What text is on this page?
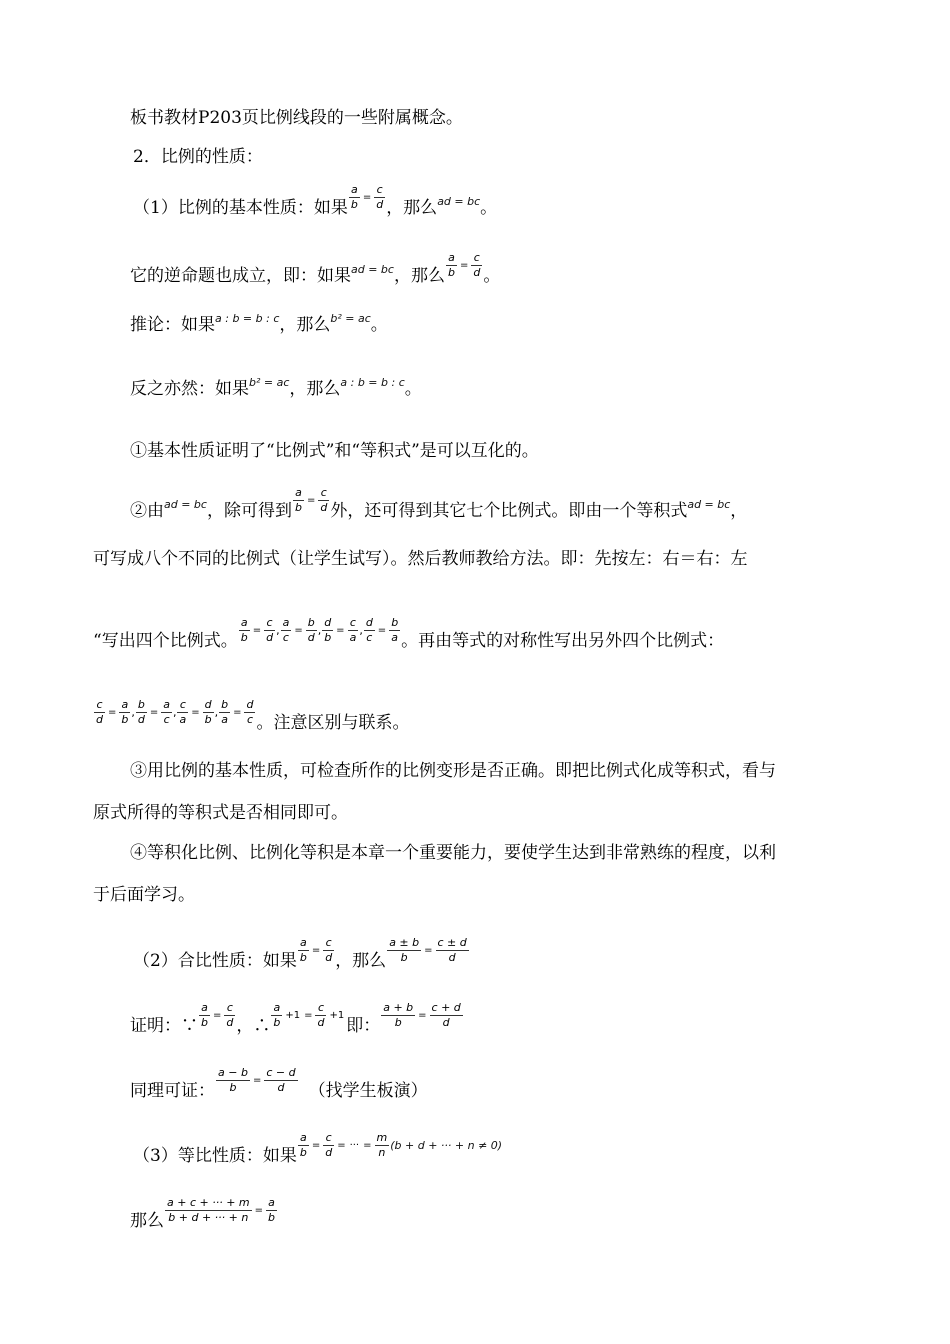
板书教材P203页比例线段的一些附属概念。
2．比例的性质：
（1）比例的基本性质：如果 $\frac{a}{b} = \frac{c}{d}$ ，那么 ad = bc 。
它的逆命题也成立，即：如果 ad = bc ，那么 $\frac{a}{b} = \frac{c}{d}$ 。
推论：如果 a : b = b : c ，那么 b² = ac 。
反之亦然：如果 b² = ac ，那么 a : b = b : c 。
①基本性质证明了“比例式”和“等积式”是可以互化的。
②由 ad = bc ，除可得到 $\frac{a}{b} = \frac{c}{d}$ 外，还可得到其它七个比例式。即由一个等积式 ad = bc ，
可写成八个不同的比例式（让学生试写）。然后教师教给方法。即：先按左：右＝右：左
“写出四个比例式。 $\frac{a}{b} = \frac{c}{d}$ , $\frac{a}{c} = \frac{b}{d}$ , $\frac{d}{b} = \frac{c}{a}$ , $\frac{d}{c} = \frac{b}{a}$ 。再由等式的对称性写出另外四个比例式：
$\frac{c}{d} = \frac{a}{b}$ , $\frac{b}{d} = \frac{a}{c}$ , $\frac{c}{a} = \frac{d}{b}$ , $\frac{b}{a} = \frac{d}{c}$ 。注意区别与联系。
③用比例的基本性质，可检查所作的比例变形是否正确。即把比例式化成等积式，看与
原式所得的等积式是否相同即可。
④等积化比例、比例化等积是本章一个重要能力，要使学生达到非常熟练的程度，以利
于后面学习。
（2）合比性质：如果 $\frac{a}{b} = \frac{c}{d}$ ，那么 $\frac{a \pm b}{b} = \frac{c \pm d}{d}$
证明：∵ $\frac{a}{b} = \frac{c}{d}$ ，∴ $\frac{a}{b} +1 = \frac{c}{d} +1$
即： $\frac{a + b}{b} = \frac{c + d}{d}$
同理可证： $\frac{a - b}{b} = \frac{c - d}{d}$ （找学生板演）
（3）等比性质：如果 $\frac{a}{b} = \frac{c}{d}$ = ··· = $\frac{m}{n} (b + d$ + ··· + n ≠ 0)
那么 $\frac{a + c + \cdot\cdot\cdot + m}{b + d + \cdot\cdot\cdot + n} = \frac{a}{b}$
